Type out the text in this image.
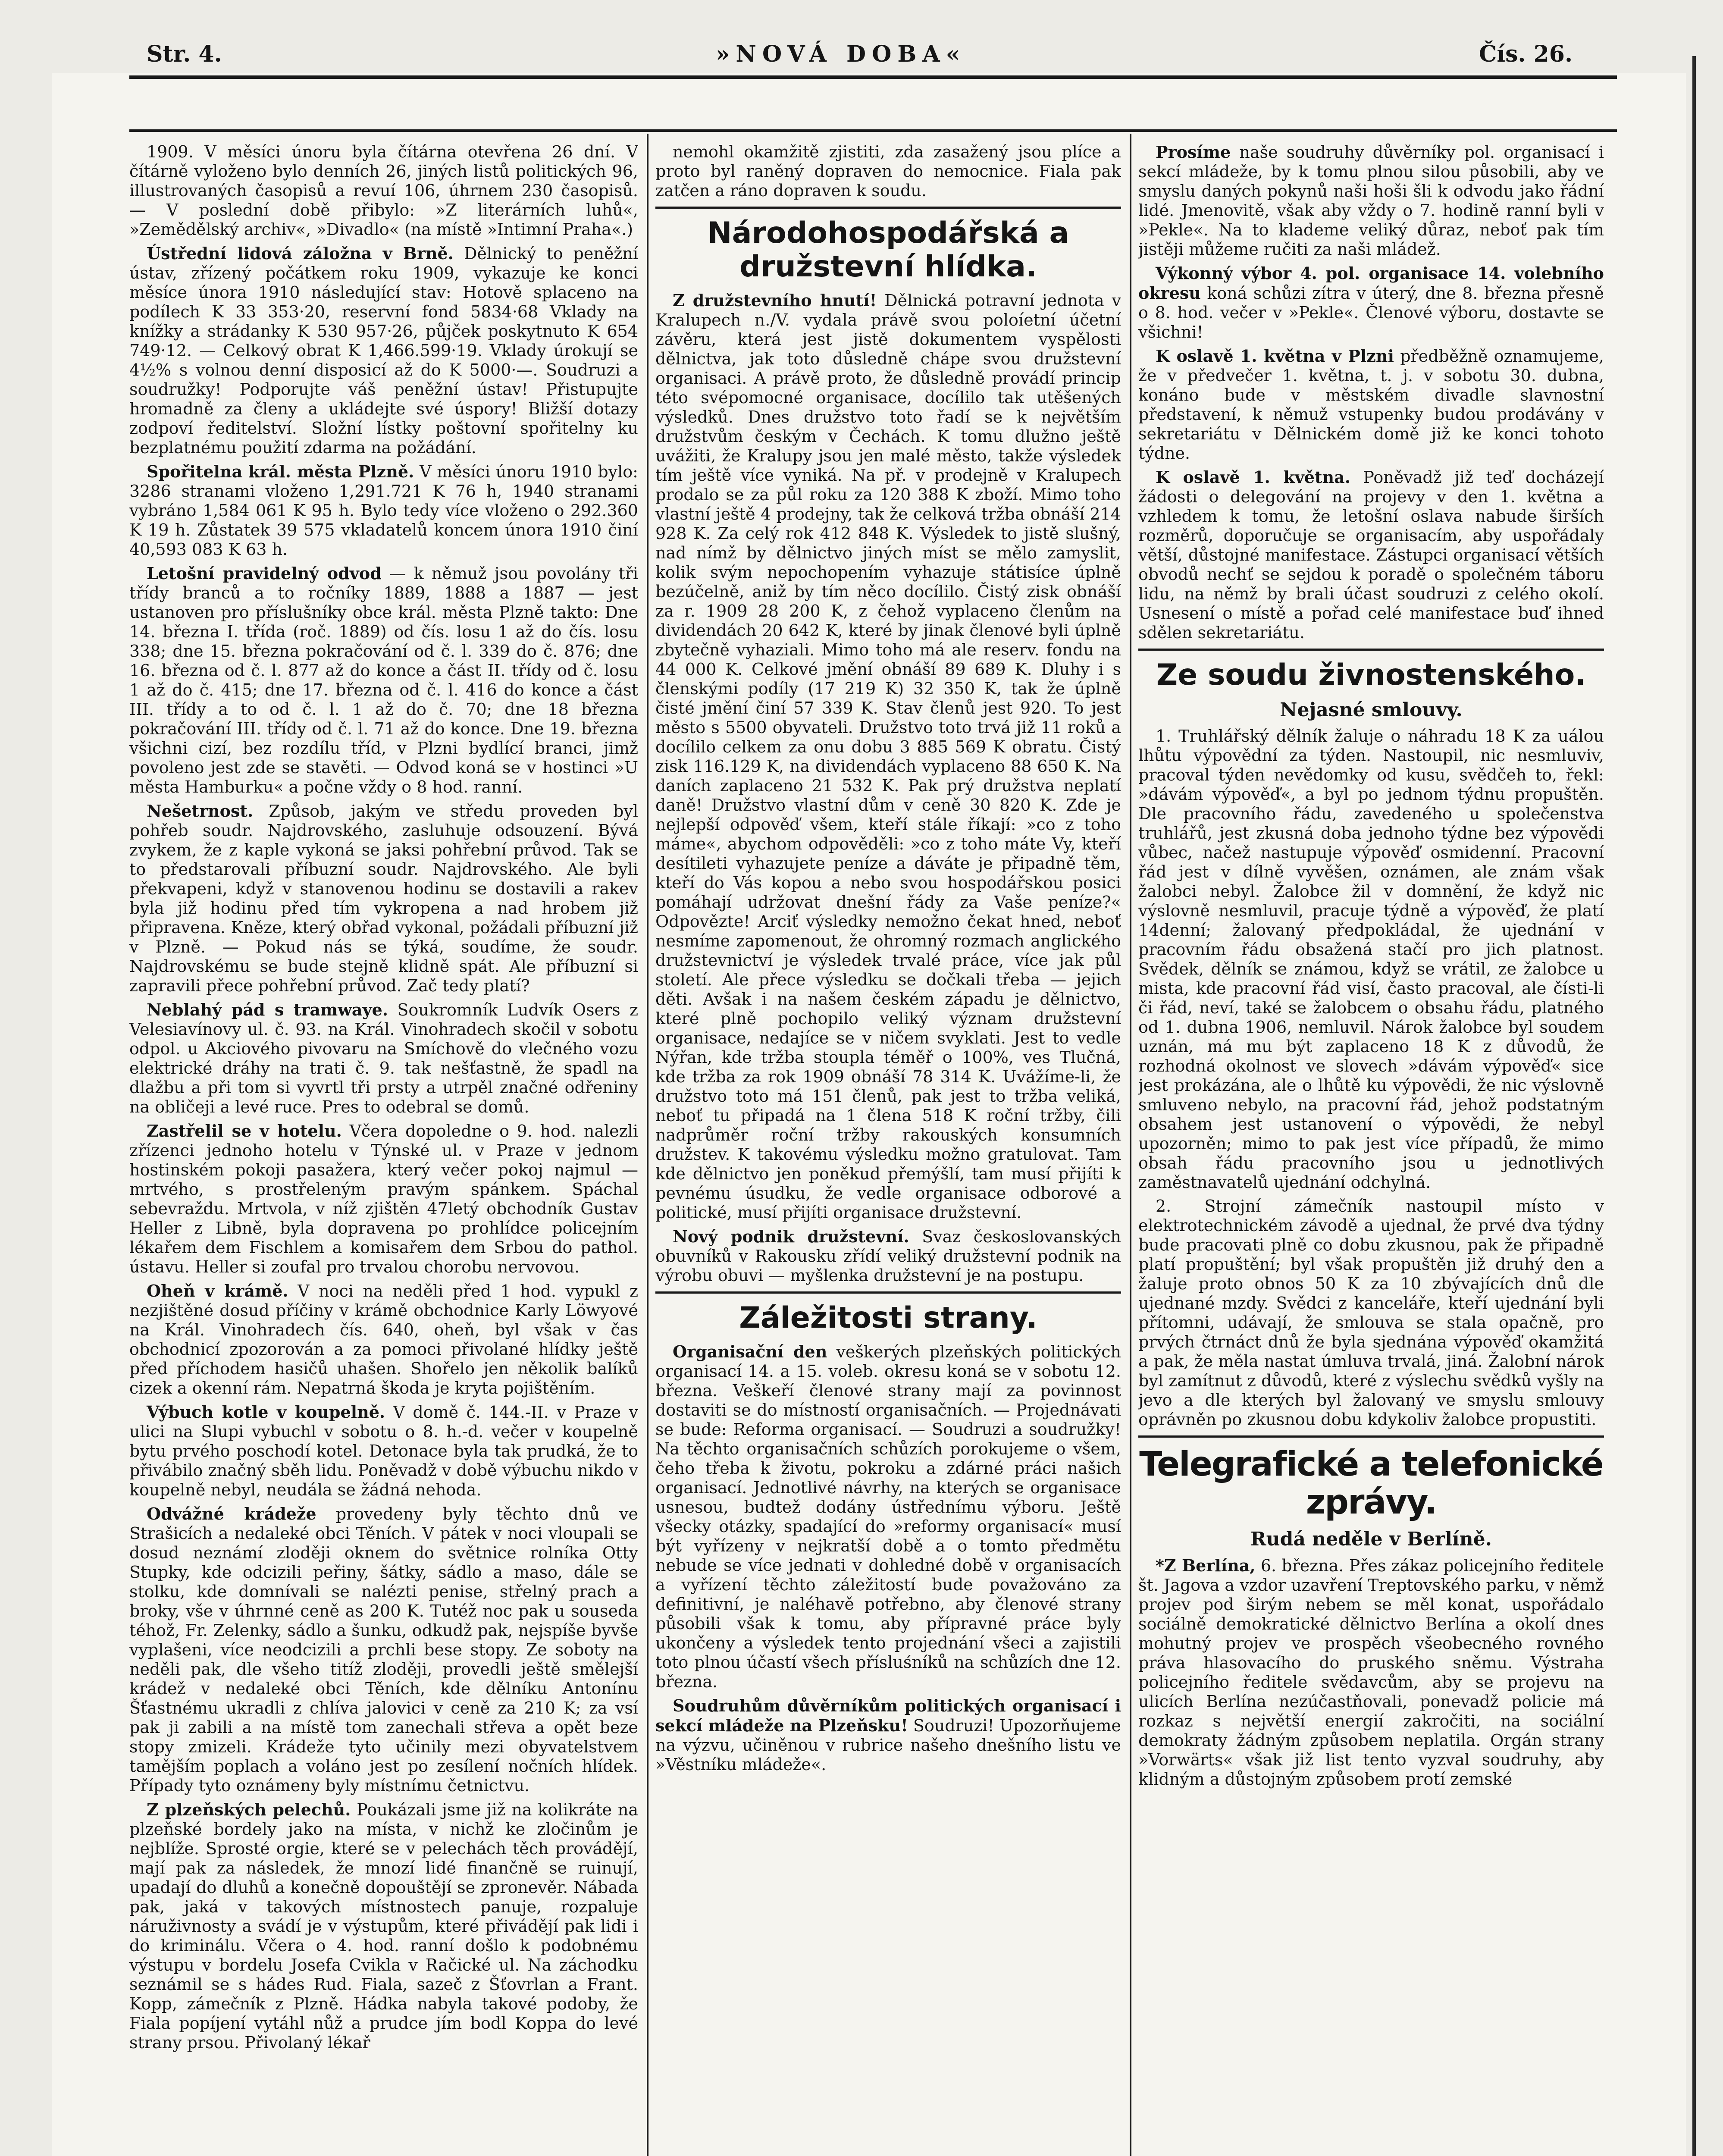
Str. 4.	»NOVÁ DOBA«	Čís. 26.

1909. V měsíci únoru byla čítárna otevřena 26 dní. V čítárně vyloženo bylo denních 26, jiných listů politických 96, illustrovaných časopisů a revuí 106, úhrnem 230 časopisů. — V poslední době přibylo: »Z literárních luhů«, »Zemědělský archiv«, »Divadlo« (na místě »Intimní Praha«.)

Ústřední lidová záložna v Brně. Dělnický to peněžní ústav, zřízený počátkem roku 1909, vykazuje ke konci měsíce února 1910 následující stav: Hotově splaceno na podílech K 33 353·20, reservní fond 5834·68 Vklady na knížky a strádanky K 530 957·26, půjček poskytnuto K 654 749·12. — Celkový obrat K 1,466.599·19. Vklady úrokují se 4½% s volnou denní disposicí až do K 5000·—. Soudruzi a soudružky! Podporujte váš peněžní ústav! Přistupujte hromadně za členy a ukládejte své úspory! Bližší dotazy zodpoví ředitelství. Složní lístky poštovní spořitelny ku bezplatnému použití zdarma na požádání.

Spořitelna král. města Plzně. V měsíci únoru 1910 bylo: 3286 stranami vloženo 1,291.721 K 76 h, 1940 stranami vybráno 1,584 061 K 95 h. Bylo tedy více vloženo o 292.360 K 19 h. Zůstatek 39 575 vkladatelů koncem února 1910 činí 40,593 083 K 63 h.

Letošní pravidelný odvod — k němuž jsou povolány tři třídy branců a to ročníky 1889, 1888 a 1887 — jest ustanoven pro příslušníky obce král. města Plzně takto: Dne 14. března I. třída (roč. 1889) od čís. losu 1 až do čís. losu 338; dne 15. března pokračování od č. l. 339 do č. 876; dne 16. března od č. l. 877 až do konce a část II. třídy od č. losu 1 až do č. 415; dne 17. března od č. l. 416 do konce a část III. třídy a to od č. l. 1 až do č. 70; dne 18 března pokračování III. třídy od č. l. 71 až do konce. Dne 19. března všichni cizí, bez rozdílu tříd, v Plzni bydlící branci, jimž povoleno jest zde se stavěti. — Odvod koná se v hostinci »U města Hamburku« a počne vždy o 8 hod. ranní.

Nešetrnost. Způsob, jakým ve středu proveden byl pohřeb soudr. Najdrovského, zasluhuje odsouzení. Bývá zvykem, že z kaple vykoná se jaksi pohřební průvod. Tak se to předstarovali příbuzní soudr. Najdrovského. Ale byli překvapeni, když v stanovenou hodinu se dostavili a rakev byla již hodinu před tím vykropena a nad hrobem již připravena. Kněze, který obřad vykonal, požádali příbuzní již v Plzně. — Pokud nás se týká, soudíme, že soudr. Najdrovskému se bude stejně klidně spát. Ale příbuzní si zapravili přece pohřební průvod. Zač tedy platí?

Neblahý pád s tramwaye. Soukromník Ludvík Osers z Velesiavínovy ul. č. 93. na Král. Vinohradech skočil v sobotu odpol. u Akciového pivovaru na Smíchově do vlečného vozu elektrické dráhy na trati č. 9. tak nešťastně, že spadl na dlažbu a při tom si vyvrtl tři prsty a utrpěl značné odřeniny na obličeji a levé ruce. Pres to odebral se domů.

Zastřelil se v hotelu. Včera dopoledne o 9. hod. nalezli zřízenci jednoho hotelu v Týnské ul. v Praze v jednom hostinském pokoji pasažera, který večer pokoj najmul — mrtvého, s prostřeleným pravým spánkem. Spáchal sebevraždu. Mrtvola, v níž zjištěn 47letý obchodník Gustav Heller z Libně, byla dopravena po prohlídce policejním lékařem dem Fischlem a komisařem dem Srbou do pathol. ústavu. Heller si zoufal pro trvalou chorobu nervovou.

Oheň v krámě. V noci na neděli před 1 hod. vypukl z nezjištěné dosud příčiny v krámě obchodnice Karly Löwyové na Král. Vinohradech čís. 640, oheň, byl však v čas obchodnicí zpozorován a za pomoci přivolané hlídky ještě před příchodem hasičů uhašen. Shořelo jen několik balíků cizek a okenní rám. Nepatrná škoda je kryta pojištěním.

Výbuch kotle v koupelně. V domě č. 144.-II. v Praze v ulici na Slupi vybuchl v sobotu o 8. h.-d. večer v koupelně bytu prvého poschodí kotel. Detonace byla tak prudká, že to přivábilo značný sběh lidu. Poněvadž v době výbuchu nikdo v koupelně nebyl, neudála se žádná nehoda.

Odvážné krádeže provedeny byly těchto dnů ve Strašicích a nedaleké obci Těních. V pátek v noci vloupali se dosud neznámí zloději oknem do světnice rolníka Otty Stupky, kde odcizili peřiny, šátky, sádlo a maso, dále se stolku, kde domnívali se nalézti penise, střelný prach a broky, vše v úhrnné ceně as 200 K. Tutéž noc pak u souseda téhož, Fr. Zelenky, sádlo a šunku, odkudž pak, nejspíše byvše vyplašeni, více neodcizili a prchli bese stopy. Ze soboty na neděli pak, dle všeho titíž zloději, provedli ještě smělejší krádež v nedaleké obci Těních, kde dělníku Antonínu Šťastnému ukradli z chlíva jalovici v ceně za 210 K; za vsí pak ji zabili a na místě tom zanechali střeva a opět beze stopy zmizeli. Krádeže tyto učinily mezi obyvatelstvem tamějším poplach a voláno jest po zesílení nočních hlídek. Případy tyto oznámeny byly místnímu četnictvu.

Z plzeňských pelechů. Poukázali jsme již na kolikráte na plzeňské bordely jako na místa, v nichž ke zločinům je nejblíže. Sprosté orgie, které se v pelechách těch provádějí, mají pak za následek, že mnozí lidé finančně se ruinují, upadají do dluhů a konečně dopouštějí se zpronevěr. Nábada pak, jaká v takových místnostech panuje, rozpaluje náruživnosty a svádí je v výstupům, které přivádějí pak lidi i do kriminálu. Včera o 4. hod. ranní došlo k podobnému výstupu v bordelu Josefa Cvikla v Račické ul. Na záchodku seznámil se s hádes Rud. Fiala, sazeč z Šťovrlan a Frant. Kopp, zámečník z Plzně. Hádka nabyla takové podoby, že Fiala popíjení vytáhl nůž a prudce jím bodl Koppa do levé strany prsou. Přivolaný lékař

nemohl okamžitě zjistiti, zda zasažený jsou plíce a proto byl raněný dopraven do nemocnice. Fiala pak zatčen a ráno dopraven k soudu.

Národohospodářská a družstevní hlídka.

Z družstevního hnutí! Dělnická potravní jednota v Kralupech n./V. vydala právě svou poloíetní účetní závěru, která jest jistě dokumentem vyspělosti dělnictva, jak toto důsledně chápe svou družstevní organisaci. A právě proto, že důsledně provádí princip této svépomocné organisace, docílilo tak utěšených výsledků. Dnes družstvo toto řadí se k největším družstvům českým v Čechách. K tomu dlužno ještě uvážiti, že Kralupy jsou jen malé město, takže výsledek tím ještě více vyniká. Na př. v prodejně v Kralupech prodalo se za půl roku za 120 388 K zboží. Mimo toho vlastní ještě 4 prodejny, tak že celková tržba obnáší 214 928 K. Za celý rok 412 848 K. Výsledek to jistě slušný, nad nímž by dělnictvo jiných míst se mělo zamyslit, kolik svým nepochopením vyhazuje státisíce úplně bezúčelně, aniž by tím něco docílilo. Čistý zisk obnáší za r. 1909 28 200 K, z čehož vyplaceno členům na dividendách 20 642 K, které by jinak členové byli úplně zbytečně vyhaziali. Mimo toho má ale reserv. fondu na 44 000 K. Celkové jmění obnáší 89 689 K. Dluhy i s členskými podíly (17 219 K) 32 350 K, tak že úplně čisté jmění činí 57 339 K. Stav členů jest 920. To jest město s 5500 obyvateli. Družstvo toto trvá již 11 roků a docílilo celkem za onu dobu 3 885 569 K obratu. Čistý zisk 116.129 K, na dividendách vyplaceno 88 650 K. Na daních zaplaceno 21 532 K. Pak prý družstva neplatí daně! Družstvo vlastní dům v ceně 30 820 K. Zde je nejlepší odpověď všem, kteří stále říkají: »co z toho máme«, abychom odpověděli: »co z toho máte Vy, kteří desítileti vyhazujete peníze a dáváte je připadně těm, kteří do Vás kopou a nebo svou hospodářskou posici pomáhají udržovat dnešní řády za Vaše peníze?« Odpovězte! Arciť výsledky nemožno čekat hned, neboť nesmíme zapomenout, že ohromný rozmach anglického družstevnictví je výsledek trvalé práce, více jak půl století. Ale přece výsledku se dočkali třeba — jejich děti. Avšak i na našem českém západu je dělnictvo, které plně pochopilo veliký význam družstevní organisace, nedajíce se v ničem svyklati. Jest to vedle Nýřan, kde tržba stoupla téměř o 100%, ves Tlučná, kde tržba za rok 1909 obnáší 78 314 K. Uvážíme-li, že družstvo toto má 151 členů, pak jest to tržba veliká, neboť tu připadá na 1 člena 518 K roční tržby, čili nadprůměr roční tržby rakouských konsumních družstev. K takovému výsledku možno gratulovat. Tam kde dělnictvo jen poněkud přemýšlí, tam musí přijíti k pevnému úsudku, že vedle organisace odborové a politické, musí přijíti organisace družstevní.

Nový podnik družstevní. Svaz českoslovanských obuvníků v Rakousku zřídí veliký družstevní podnik na výrobu obuvi — myšlenka družstevní je na postupu.

Záležitosti strany.

Organisační den veškerých plzeňských politických organisací 14. a 15. voleb. okresu koná se v sobotu 12. března. Veškeří členové strany mají za povinnost dostaviti se do místností organisačních. — Projednávati se bude: Reforma organisací. — Soudruzi a soudružky! Na těchto organisačních schůzích porokujeme o všem, čeho třeba k životu, pokroku a zdárné práci našich organisací. Jednotlivé návrhy, na kterých se organisace usnesou, budtež dodány ústřednímu výboru. Ještě všecky otázky, spadající do »reformy organisací« musí být vyřízeny v nejkratší době a o tomto předmětu nebude se více jednati v dohledné době v organisacích a vyřízení těchto záležitostí bude považováno za definitivní, je naléhavě potřebno, aby členové strany působili však k tomu, aby přípravné práce byly ukončeny a výsledek tento projednání všeci a zajistili toto plnou účastí všech přísluśníků na schůzích dne 12. března.

Soudruhům důvěrníkům politických organisací i sekcí mládeže na Plzeňsku! Soudruzi! Upozorňujeme na výzvu, učiněnou v rubrice našeho dnešního listu ve »Věstníku mládeže«.

Prosíme naše soudruhy důvěrníky pol. organisací i sekcí mládeže, by k tomu plnou silou působili, aby ve smyslu daných pokynů naši hoši šli k odvodu jako řádní lidé. Jmenovitě, však aby vždy o 7. hodině ranní byli v »Pekle«. Na to klademe veliký důraz, neboť pak tím jistěji můžeme ručiti za naši mládež.

Výkonný výbor 4. pol. organisace 14. volebního okresu koná schůzi zítra v úterý, dne 8. března přesně o 8. hod. večer v »Pekle«. Členové výboru, dostavte se všichni!

K oslavě 1. května v Plzni předběžně oznamujeme, že v předvečer 1. května, t. j. v sobotu 30. dubna, konáno bude v městském divadle slavnostní představení, k němuž vstupenky budou prodávány v sekretariátu v Dělnickém domě již ke konci tohoto týdne.

K oslavě 1. května. Poněvadž již teď docházejí žádosti o delegování na projevy v den 1. května a vzhledem k tomu, že letošní oslava nabude širších rozměrů, doporučuje se organisacím, aby uspořádaly větší, důstojné manifestace. Zástupci organisací větších obvodů nechť se sejdou k poradě o společném táboru lidu, na němž by brali účast soudruzi z celého okolí. Usnesení o místě a pořad celé manifestace buď ihned sdělen sekretariátu.

Ze soudu živnostenského.
Nejasné smlouvy.

1. Truhlářský dělník žaluje o náhradu 18 K za uálou lhůtu výpovědní za týden. Nastoupil, nic nesmluviv, pracoval týden nevědomky od kusu, svědčeh to, řekl: »dávám výpověď«, a byl po jednom týdnu propuštěn. Dle pracovního řádu, zavedeného u společenstva truhlářů, jest zkusná doba jednoho týdne bez výpovědi vůbec, načež nastupuje výpověď osmidenní. Pracovní řád jest v dílně vyvěšen, oznámen, ale znám však žalobci nebyl. Žalobce žil v domnění, že když nic výslovně nesmluvil, pracuje týdně a výpověď, že platí 14denní; žalovaný předpokládal, že ujednání v pracovním řádu obsažená stačí pro jich platnost. Svědek, dělník se známou, když se vrátil, ze žalobce u mista, kde pracovní řád visí, často pracoval, ale čísti-li či řád, neví, také se žalobcem o obsahu řádu, platného od 1. dubna 1906, nemluvil. Nárok žalobce byl soudem uznán, má mu být zaplaceno 18 K z důvodů, že rozhodná okolnost ve slovech »dávám výpověď« sice jest prokázána, ale o lhůtě ku výpovědi, že nic výslovně smluveno nebylo, na pracovní řád, jehož podstatným obsahem jest ustanovení o výpovědi, že nebyl upozorněn; mimo to pak jest více případů, že mimo obsah řádu pracovního jsou u jednotlivých zaměstnavatelů ujednání odchylná.

2. Strojní zámečník nastoupil místo v elektrotechnickém závodě a ujednal, že prvé dva týdny bude pracovati plně co dobu zkusnou, pak že připadně platí propuštění; byl však propuštěn již druhý den a žaluje proto obnos 50 K za 10 zbývajících dnů dle ujednané mzdy. Svědci z kanceláře, kteří ujednání byli přítomni, udávají, že smlouva se stala opačně, pro prvých čtrnáct dnů že byla sjednána výpověď okamžitá a pak, že měla nastat úmluva trvalá, jiná. Žalobní nárok byl zamítnut z důvodů, které z výslechu svědků vyšly na jevo a dle kterých byl žalovaný ve smyslu smlouvy oprávněn po zkusnou dobu kdykoliv žalobce propustiti.

Telegrafické a telefonické zprávy.
Rudá neděle v Berlíně.

*Z Berlína, 6. března. Přes zákaz policejního ředitele št. Jagova a vzdor uzavření Treptovského parku, v němž projev pod širým nebem se měl konat, uspořádalo sociálně demokratické dělnictvo Berlína a okolí dnes mohutný projev ve prospěch všeobecného rovného práva hlasovacího do pruského sněmu. Výstraha policejního ředitele svědavcům, aby se projevu na ulicích Berlína nezúčastňovali, ponevadž policie má rozkaz s největší energií zakročiti, na sociální demokraty žádným způsobem neplatila. Orgán strany »Vorwärts« však již list tento vyzval soudruhy, aby klidným a důstojným způsobem protí zemské
